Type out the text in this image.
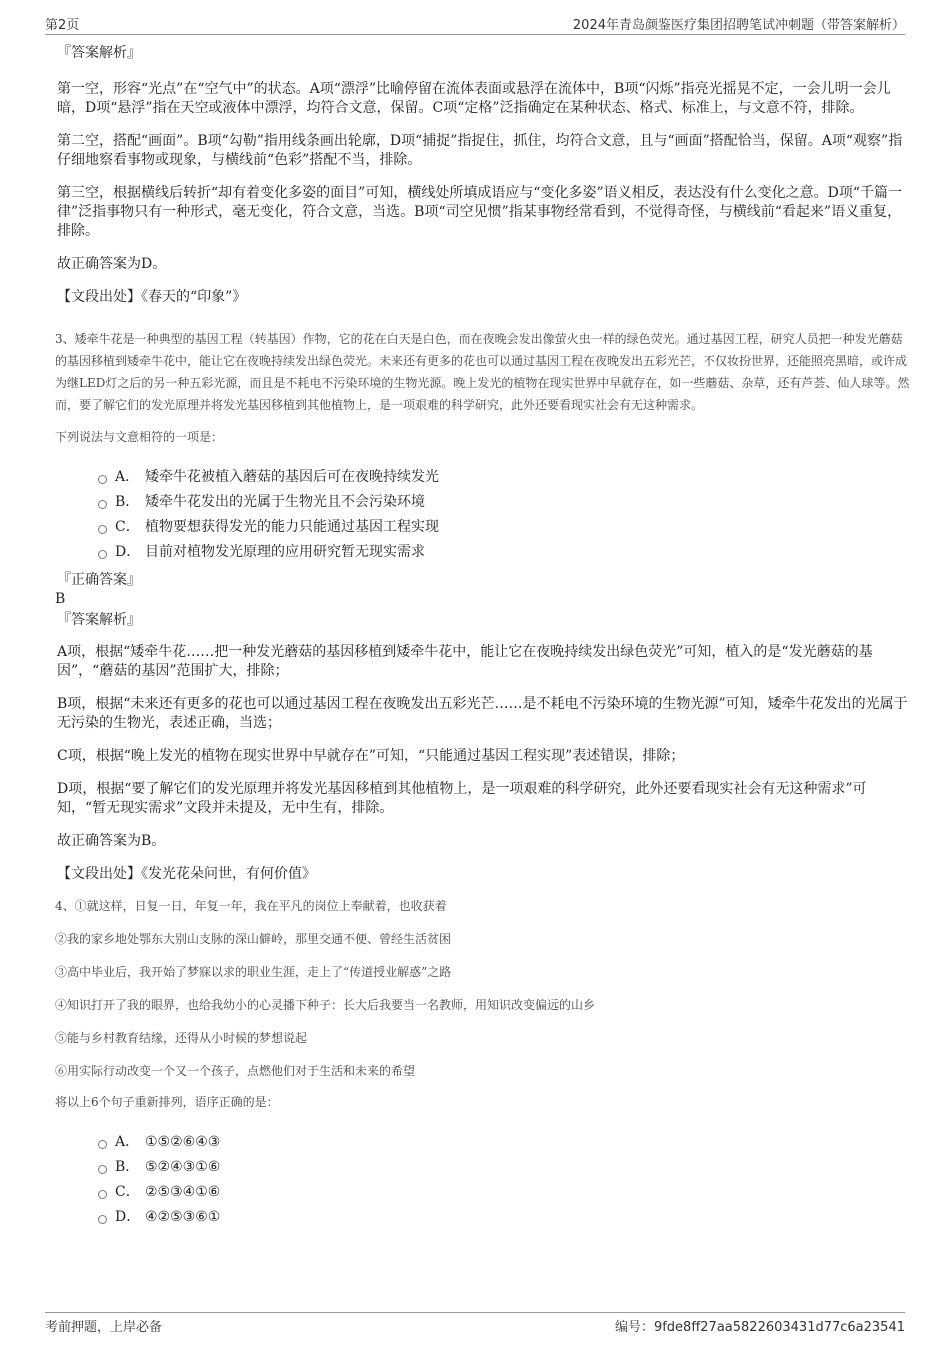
第2页	2024年青岛颜鉴医疗集团招聘笔试冲刺题（带答案解析）

『答案解析』

第一空，形容“光点”在“空气中”的状态。A项“漂浮”比喻停留在流体表面或悬浮在流体中，B项“闪烁”指亮光摇晃不定，一会儿明一会儿暗，D项“悬浮”指在天空或液体中漂浮，均符合文意，保留。C项“定格”泛指确定在某种状态、格式、标准上，与文意不符，排除。

第二空，搭配“画面”。B项“勾勒”指用线条画出轮廓，D项“捕捉”指捉住，抓住，均符合文意，且与“画面”搭配恰当，保留。A项“观察”指仔细地察看事物或现象，与横线前“色彩”搭配不当，排除。

第三空，根据横线后转折“却有着变化多姿的面目”可知，横线处所填成语应与“变化多姿”语义相反，表达没有什么变化之意。D项“千篇一律”泛指事物只有一种形式，毫无变化，符合文意，当选。B项“司空见惯”指某事物经常看到，不觉得奇怪，与横线前“看起来”语义重复，排除。

故正确答案为D。

【文段出处】《春天的“印象”》

3、矮牵牛花是一种典型的基因工程（转基因）作物，它的花在白天是白色，而在夜晚会发出像萤火虫一样的绿色荧光。通过基因工程，研究人员把一种发光蘑菇的基因移植到矮牵牛花中，能让它在夜晚持续发出绿色荧光。未来还有更多的花也可以通过基因工程在夜晚发出五彩光芒，不仅妆扮世界，还能照亮黑暗，或许成为继LED灯之后的另一种五彩光源，而且是不耗电不污染环境的生物光源。晚上发光的植物在现实世界中早就存在，如一些蘑菇、杂草，还有芦荟、仙人球等。然而，要了解它们的发光原理并将发光基因移植到其他植物上，是一项艰难的科学研究，此外还要看现实社会有无这种需求。

下列说法与文意相符的一项是：

A． 矮牵牛花被植入蘑菇的基因后可在夜晚持续发光
B． 矮牵牛花发出的光属于生物光且不会污染环境
C． 植物要想获得发光的能力只能通过基因工程实现
D． 目前对植物发光原理的应用研究暂无现实需求

『正确答案』

B

『答案解析』

A项，根据“矮牵牛花……把一种发光蘑菇的基因移植到矮牵牛花中，能让它在夜晚持续发出绿色荧光”可知，植入的是“发光蘑菇的基因”，“蘑菇的基因”范围扩大，排除；

B项，根据“未来还有更多的花也可以通过基因工程在夜晚发出五彩光芒……是不耗电不污染环境的生物光源”可知，矮牵牛花发出的光属于无污染的生物光，表述正确，当选；

C项，根据“晚上发光的植物在现实世界中早就存在”可知，“只能通过基因工程实现”表述错误，排除；

D项，根据“要了解它们的发光原理并将发光基因移植到其他植物上，是一项艰难的科学研究，此外还要看现实社会有无这种需求”可知，“暂无现实需求”文段并未提及，无中生有，排除。

故正确答案为B。

【文段出处】《发光花朵问世，有何价值》

4、①就这样，日复一日，年复一年，我在平凡的岗位上奉献着，也收获着

②我的家乡地处鄂东大别山支脉的深山僻岭，那里交通不便、曾经生活贫困

③高中毕业后，我开始了梦寐以求的职业生涯，走上了“传道授业解惑”之路

④知识打开了我的眼界，也给我幼小的心灵播下种子：长大后我要当一名教师，用知识改变偏远的山乡

⑤能与乡村教育结缘，还得从小时候的梦想说起

⑥用实际行动改变一个又一个孩子，点燃他们对于生活和未来的希望

将以上6个句子重新排列，语序正确的是：

A． ①⑤②⑥④③
B． ⑤②④③①⑥
C． ②⑤③④①⑥
D． ④②⑤③⑥①
考前押题，上岸必备	编号：9fde8ff27aa5822603431d77c6a23541
